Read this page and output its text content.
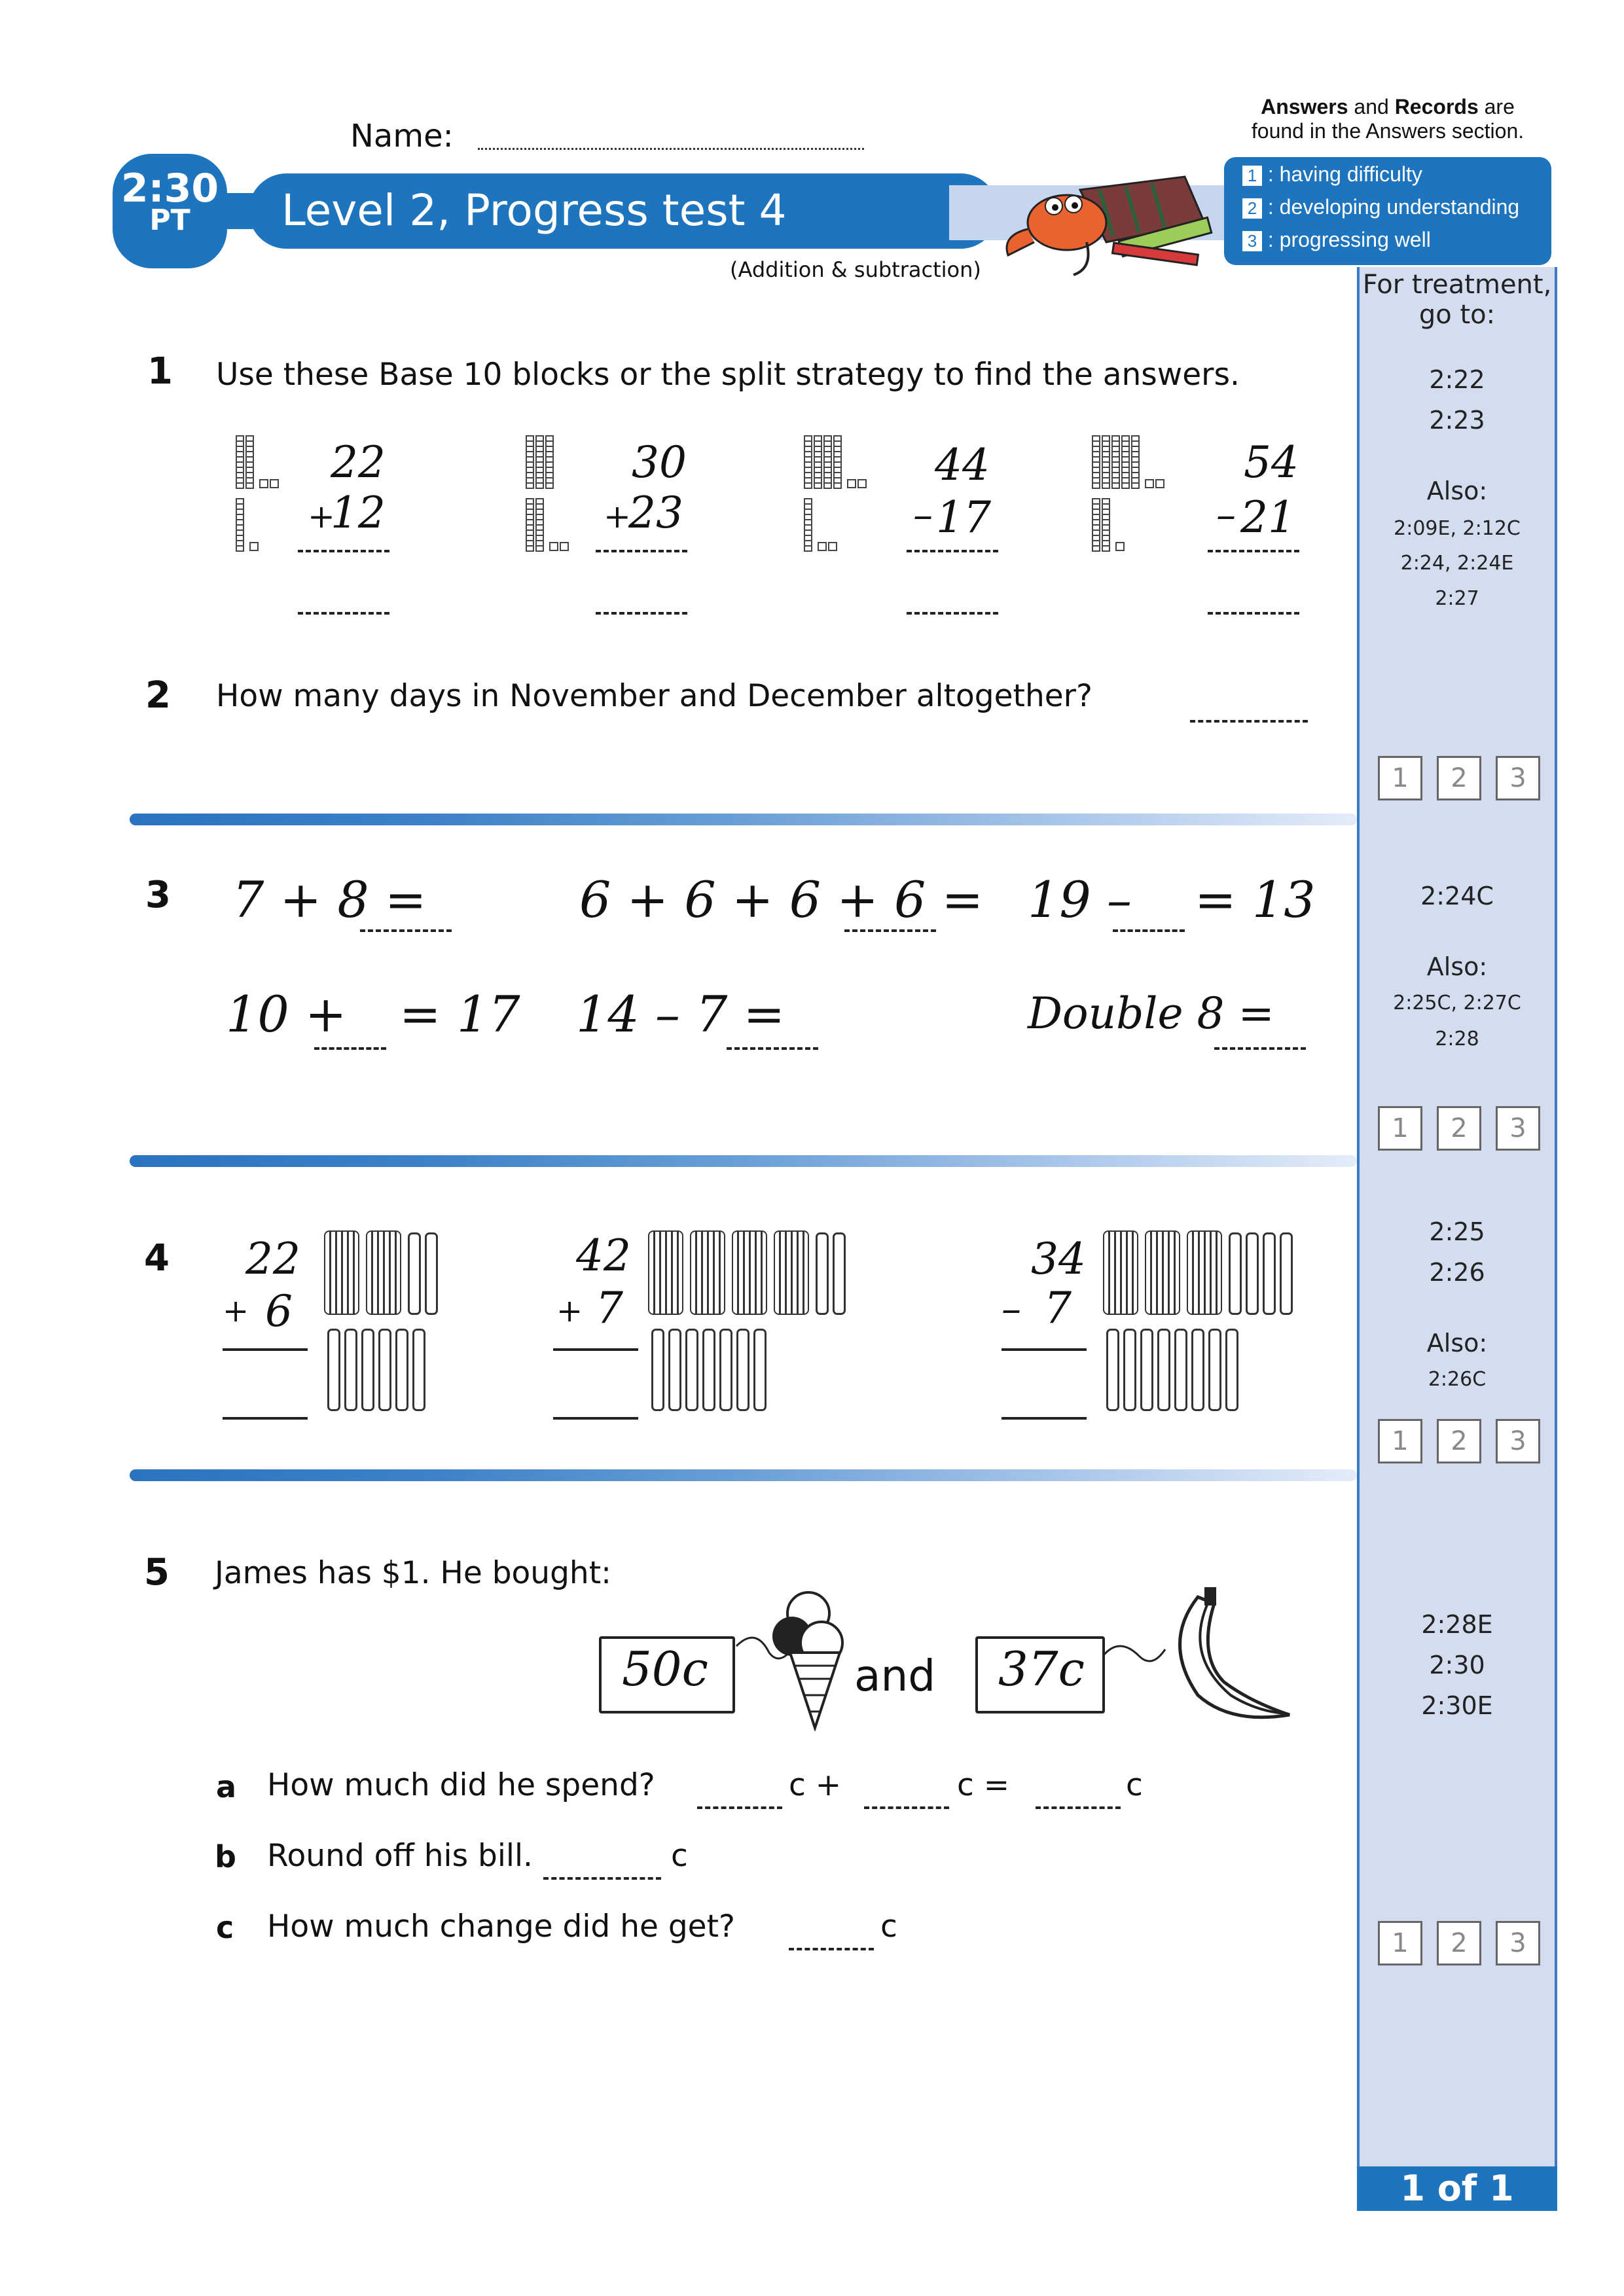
Name:
2:30
PT	Level 2, Progress test 4
(Addition & subtraction)
Answers and Records are
found in the Answers section.
1 : having difficulty
2 : developing understanding
3 : progressing well
For treatment,
go to:
2:22
2:23
Also:
2:09E, 2:12C
2:24, 2:24E
2:27
2:24C
Also:
2:25C, 2:27C
2:28
2:25
2:26
Also:
2:26C
2:28E
2:30
2:30E
1	2	3
1	2	3
1	2	3
1	2	3
1 of 1
1 Use these Base 10 blocks or the split strategy to find the answers.

22
+
12

30
+
23

44
– 17

54
– 21
2 How many days in November and December altogether?
3 7 + 8 =	6 + 6 + 6 + 6 = 19 – = 13
10 + = 17 14 – 7 =	Double 8 =
4 22
+ 6
42
+ 7
34
– 7
5 James has $1. He bought:
50c	and 37c
a How much did he spend?	c +	c =	c
b Round off his bill.	c
c How much change did he get?	c
